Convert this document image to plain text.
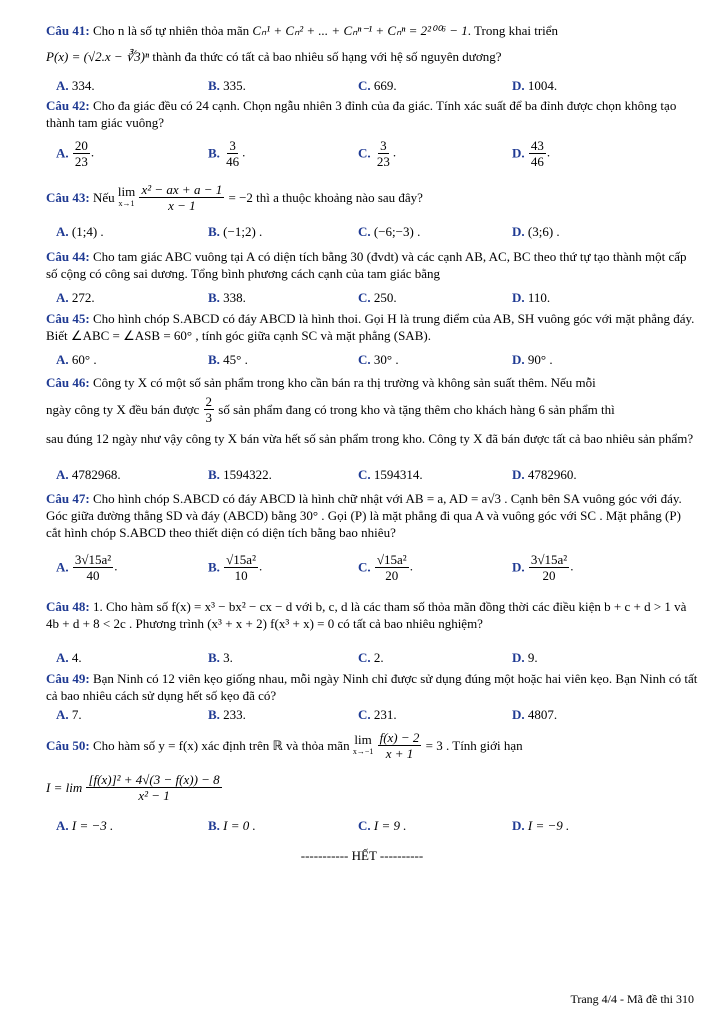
Câu 41: Cho n là số tự nhiên thỏa mãn Cₙ¹ + Cₙ² + ... + Cₙⁿ⁻¹ + Cₙⁿ = 2²⁰⁰⁶ − 1. Trong khai triển
P(x) = (√2.x − ∛3)ⁿ thành đa thức có tất cả bao nhiêu số hạng với hệ số nguyên dương?
A. 334.	B. 335.	C. 669.	D. 1004.
Câu 42: Cho đa giác đều có 24 cạnh. Chọn ngẫu nhiên 3 đỉnh của đa giác. Tính xác suất để ba đỉnh được chọn không tạo thành tam giác vuông?
A. $\frac{20}{23}$ .	B. $\frac{3}{46}$ .	C. $\frac{3}{23}$ .	D. $\frac{43}{46}$ .
Câu 43: Nếu lim
x→1
$\frac{\text{x² − ax + a − 1}}{x - 1} = -2$ thì a thuộc khoảng nào sau đây?
A. (1;4) .	B. (−1;2) .	C. (−6;−3) .	D. (3;6) .
Câu 44: Cho tam giác ABC vuông tại A có diện tích bằng 30 (đvdt) và các cạnh AB, AC, BC theo thứ tự tạo thành một cấp số cộng có công sai dương. Tổng bình phương cách cạnh của tam giác bằng
A. 272.	B. 338.	C. 250.	D. 110.
Câu 45: Cho hình chóp S.ABCD có đáy ABCD là hình thoi. Gọi H là trung điểm của AB, SH vuông góc với mặt phẳng đáy. Biết ∠ABC = ∠ASB = 60° , tính góc giữa cạnh SC và mặt phẳng (SAB).
A. 60° .	B. 45° .	C. 30° .	D. 90° .
Câu 46: Công ty X có một số sản phẩm trong kho cần bán ra thị trường và không sản suất thêm. Nếu mỗi
ngày công ty X đều bán được $\frac{2}{3}$ số sản phẩm đang có trong kho và tặng thêm cho khách hàng 6 sản phẩm thì
sau đúng 12 ngày như vậy công ty X bán vừa hết số sản phẩm trong kho. Công ty X đã bán được tất cả bao nhiêu sản phẩm?
A. 4782968.	B. 1594322.	C. 1594314.	D. 4782960.
Câu 47: Cho hình chóp S.ABCD có đáy ABCD là hình chữ nhật với AB = a, AD = a√3 . Cạnh bên SA vuông góc với đáy. Góc giữa đường thẳng SD và đáy (ABCD) bằng 30° . Gọi (P) là mặt phẳng đi qua A và vuông góc với SC . Mặt phẳng (P) cắt hình chóp S.ABCD theo thiết diện có diện tích bằng bao nhiêu?
A. $\frac{\text{3√15a²}}{40}$ .	B. $\frac{\text{√15a²}}{10}$ .	C. $\frac{\text{√15a²}}{20}$ .	D. $\frac{\text{3√15a²}}{20}$ .
Câu 48: 1. Cho hàm số f(x) = x³ − bx² − cx − d với b, c, d là các tham số thỏa mãn đồng thời các điều kiện b + c + d > 1 và 4b + d + 8 < 2c . Phương trình (x³ + x + 2) f(x³ + x) = 0 có tất cả bao nhiêu nghiệm?
A. 4.	B. 3.	C. 2.	D. 9.
Câu 49: Bạn Ninh có 12 viên kẹo giống nhau, mỗi ngày Ninh chỉ được sử dụng đúng một hoặc hai viên kẹo. Bạn Ninh có tất cả bao nhiêu cách sử dụng hết số kẹo đã có?
A. 7.	B. 233.	C. 231.	D. 4807.
Câu 50: Cho hàm số y = f(x) xác định trên ℝ và thỏa mãn lim
x→−1
$\frac{f(x) - 2}{x + 1} = 3$ . Tính giới hạn
$I = \lim \frac{\text{[f(x)]² + 4√(3 − f(x)) − 8}}{\text{x² − 1}}$
A. I = −3 .	B. I = 0 .	C. I = 9 .	D. I = −9 .
----------- HẾT ----------
Trang 4/4 - Mã đề thi 310
